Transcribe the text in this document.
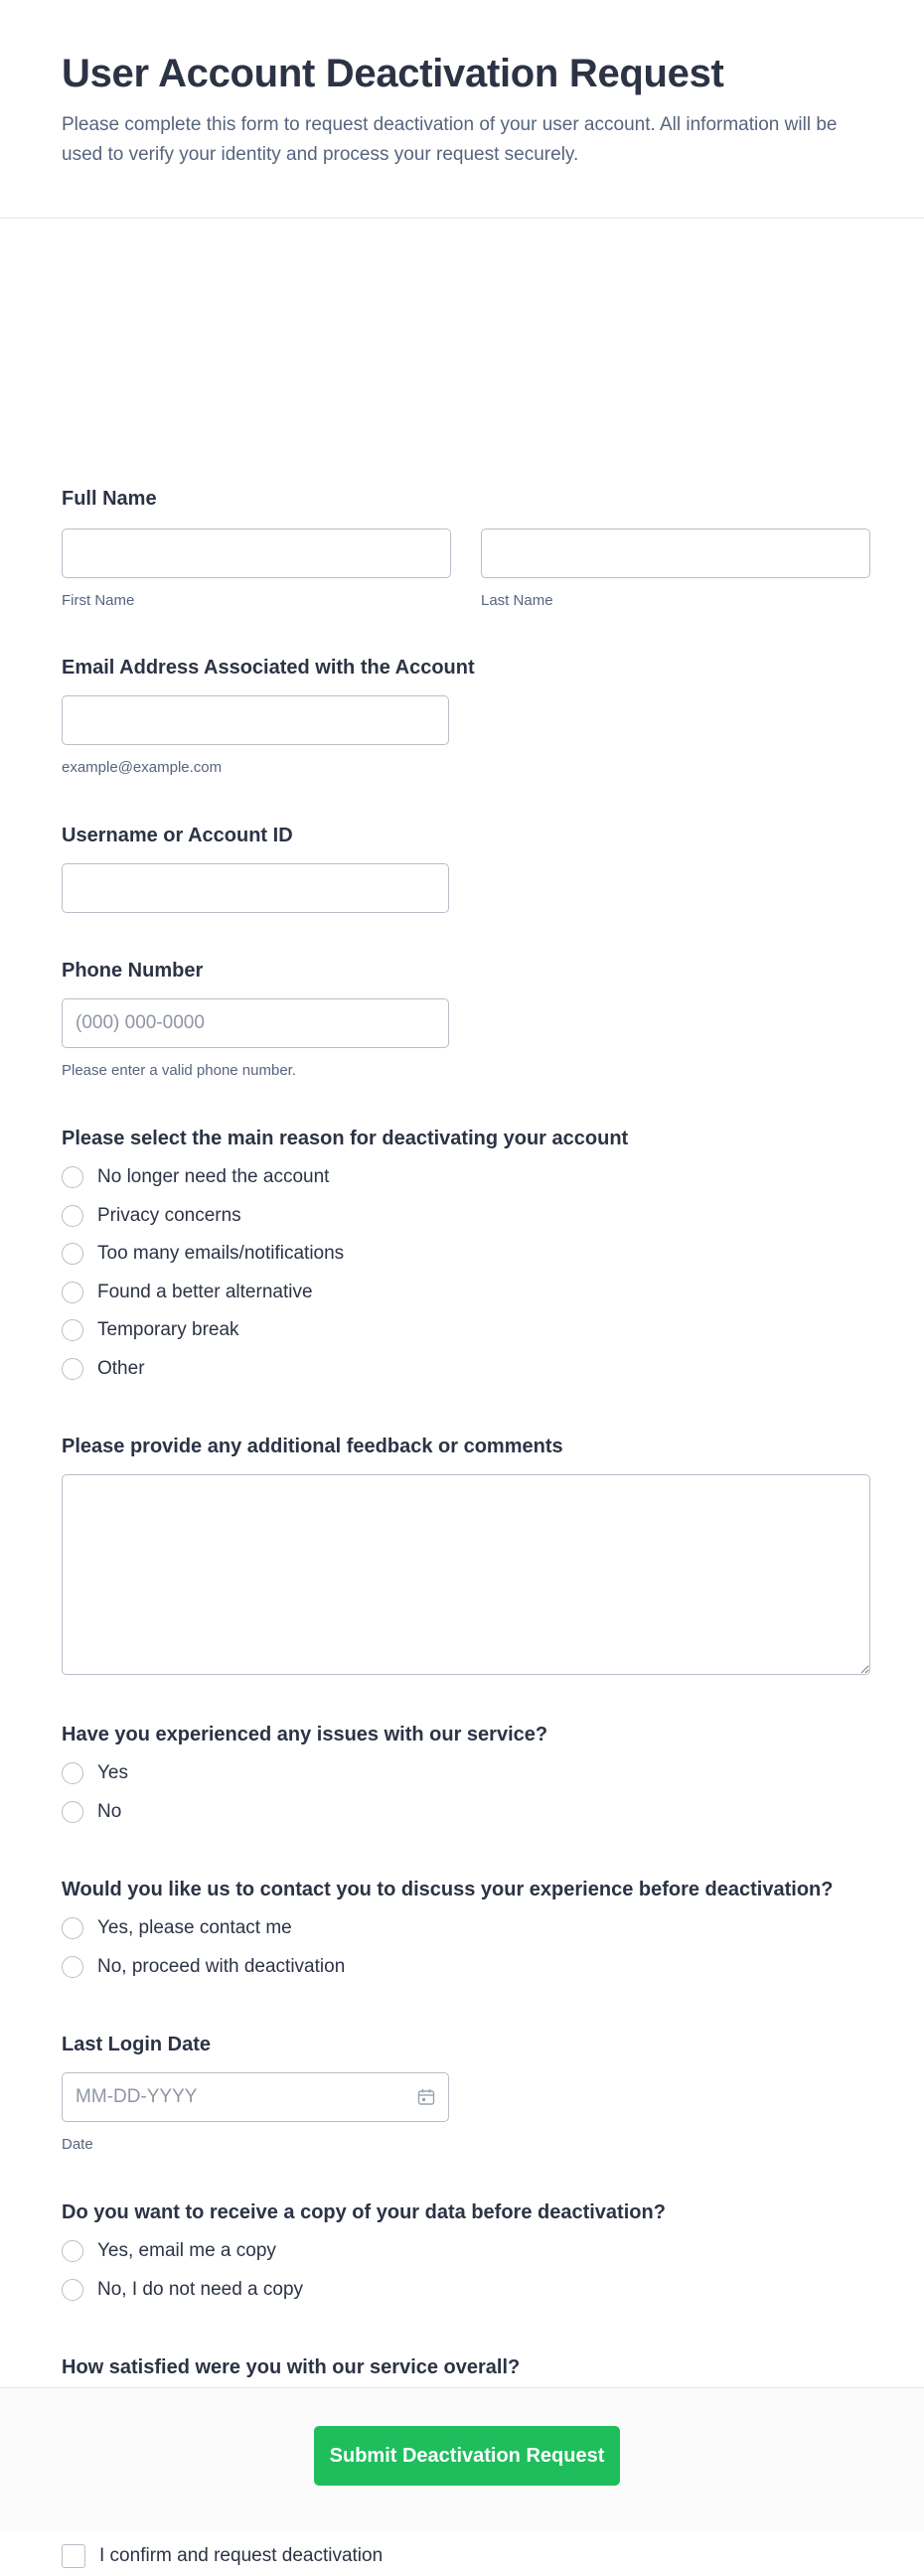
User Account Deactivation Request

Please complete this form to request deactivation of your user account. All information will be used to verify your identity and process your request securely.

Full Name
First Name	Last Name
Email Address Associated with the Account
example@example.com
Username or Account ID
Phone Number
(000) 000-0000
Please enter a valid phone number.
Please select the main reason for deactivating your account
No longer need the account
Privacy concerns
Too many emails/notifications
Found a better alternative
Temporary break
Other
Please provide any additional feedback or comments
Have you experienced any issues with our service?
Yes
No
Would you like us to contact you to discuss your experience before deactivation?
Yes, please contact me
No, proceed with deactivation
Last Login Date
MM-DD-YYYY
Date
Do you want to receive a copy of your data before deactivation?
Yes, email me a copy
No, I do not need a copy
How satisfied were you with our service overall?
I confirm and request deactivation
Submit Deactivation Request
